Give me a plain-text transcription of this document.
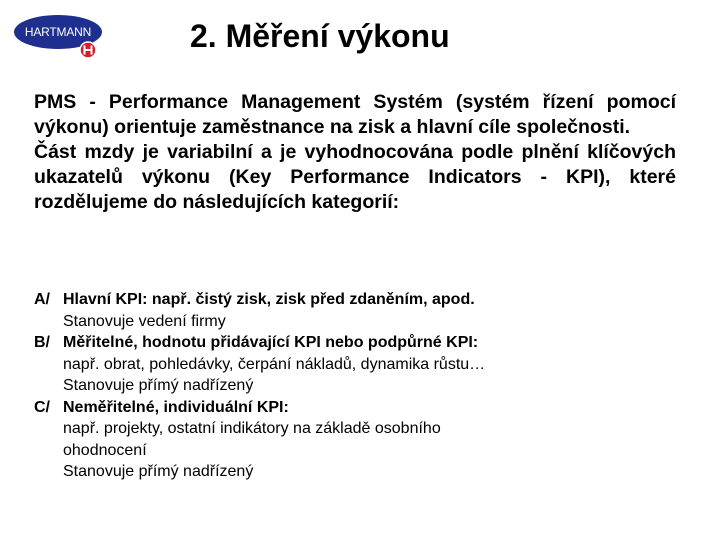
HARTMANN	2. Měření výkonu

PMS - Performance Management Systém (systém řízení pomocí výkonu) orientuje zaměstnance na zisk a hlavní cíle společnosti.

Část mzdy je variabilní a je vyhodnocována podle plnění klíčových ukazatelů výkonu (Key Performance Indicators - KPI), které rozdělujeme do následujících kategorií:

A/ Hlavní KPI: např. čistý zisk, zisk před zdaněním, apod.
Stanovuje vedení firmy
B/ Měřitelné, hodnotu přidávající KPI nebo podpůrné KPI:
např. obrat, pohledávky, čerpání nákladů, dynamika růstu…
Stanovuje přímý nadřízený
C/ Neměřitelné, individuální KPI:
např. projekty, ostatní indikátory na základě osobního
ohodnocení
Stanovuje přímý nadřízený
